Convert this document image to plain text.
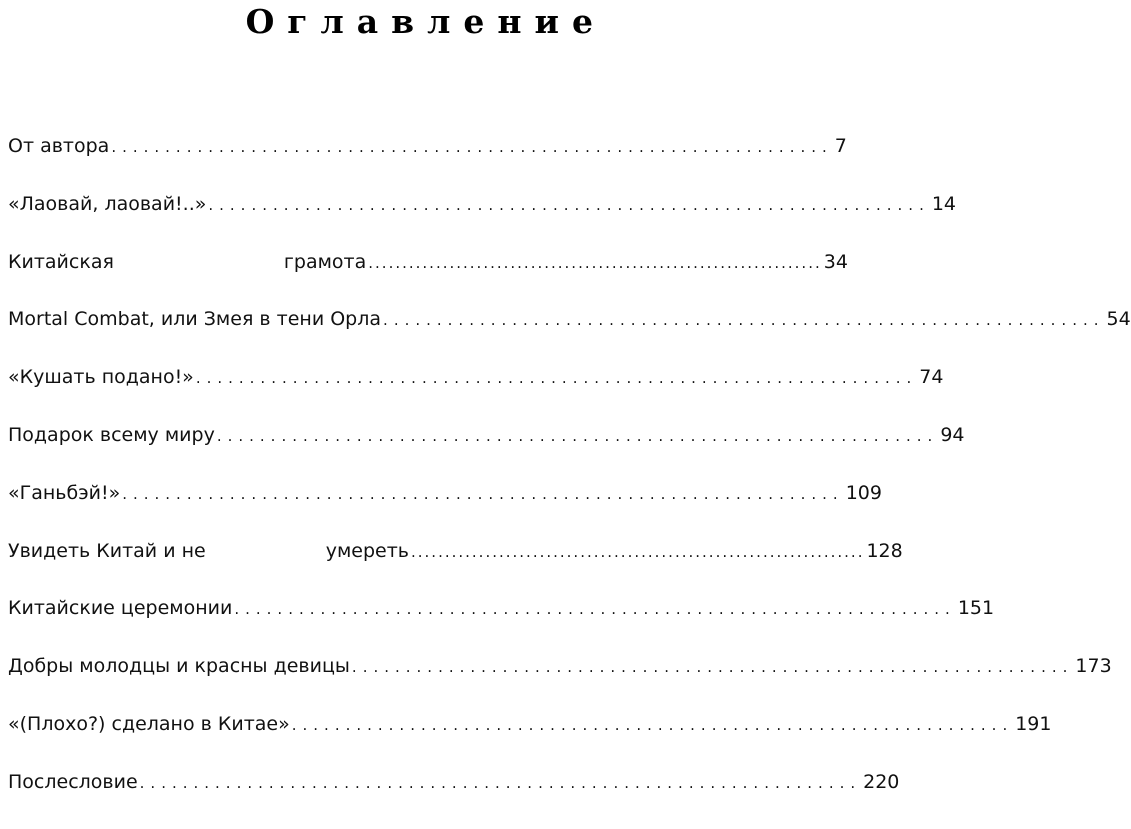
Оглавление
От автора ................................................................... 7
«Лаовай, лаовай!..» ................................................................... 14
Китайская	грамота ................................................................... 34
Mortal Combat, или Змея в тени Орла ................................................................... 54
«Кушать подано!» ................................................................... 74
Подарок всему миру ................................................................... 94
«Ганьбэй!» ................................................................... 109
Увидеть Китай и не	умереть ................................................................... 128
Китайские церемонии ................................................................... 151
Добры молодцы и красны девицы ................................................................... 173
«(Плохо?) сделано в Китае» ................................................................... 191
Послесловие ................................................................... 220
